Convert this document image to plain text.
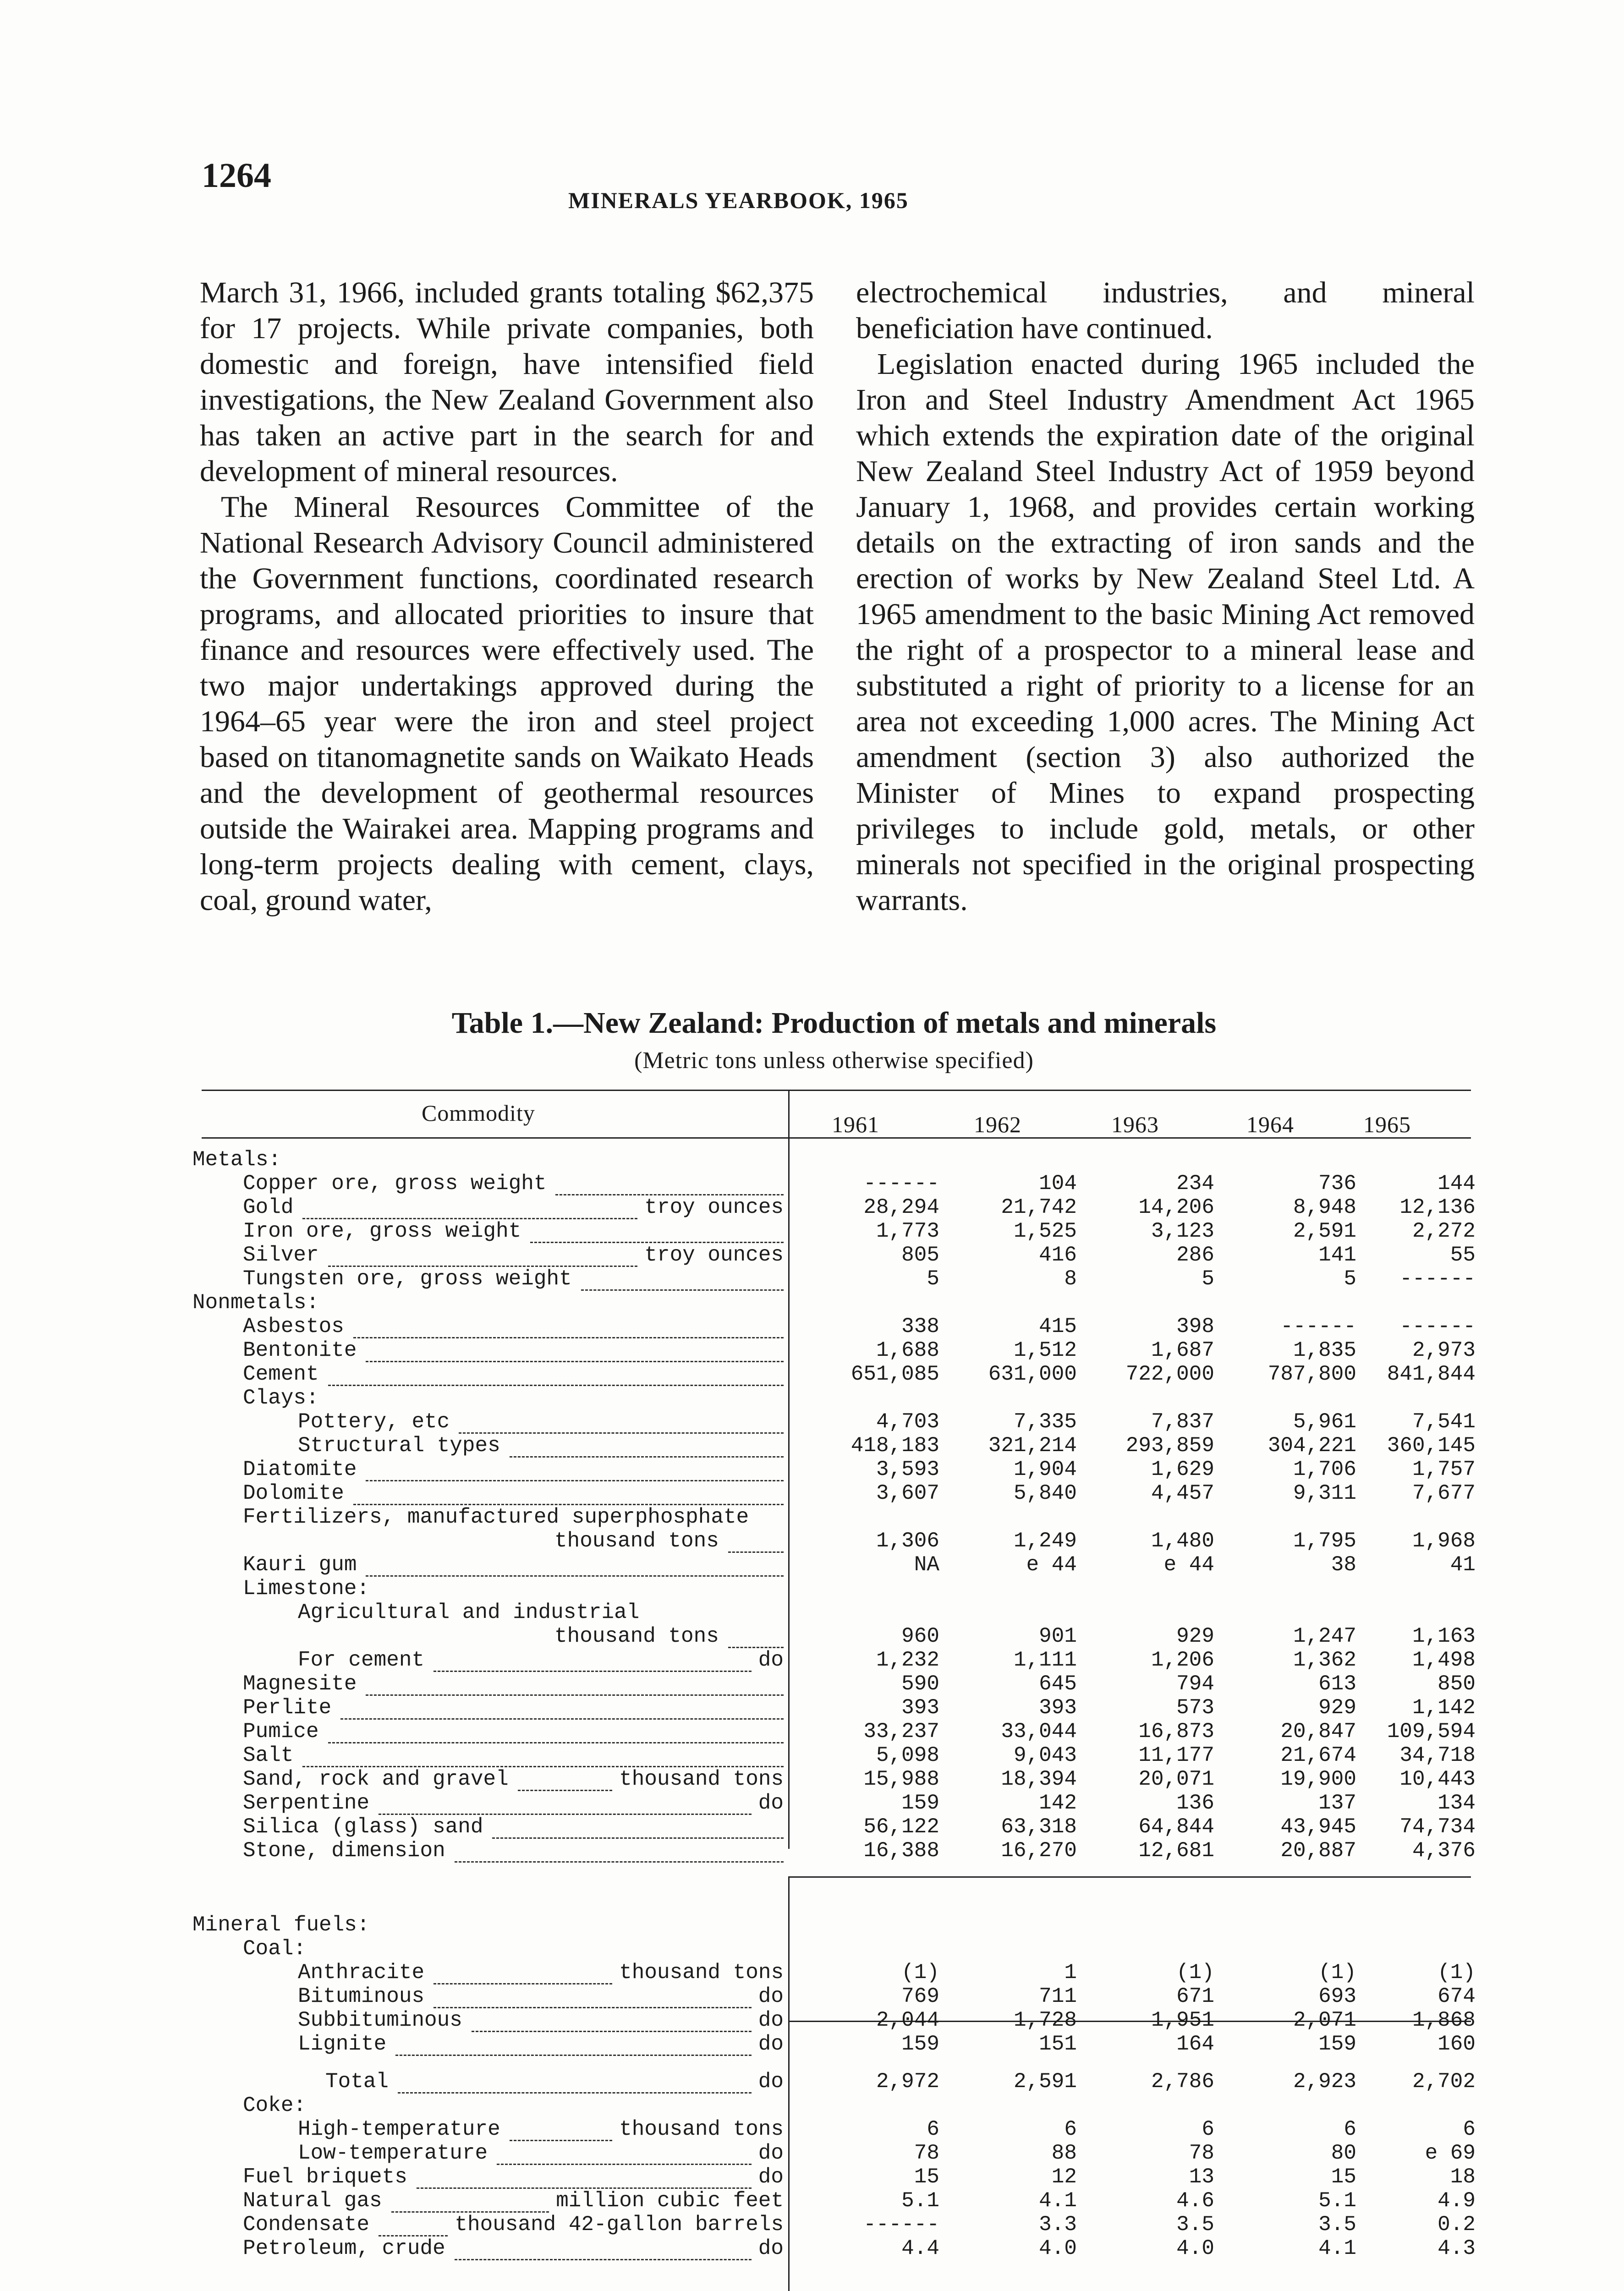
1264
MINERALS YEARBOOK, 1965

March 31, 1966, included grants totaling $62,375 for 17 projects. While private companies, both domestic and foreign, have intensified field investigations, the New Zealand Government also has taken an active part in the search for and development of mineral resources.

The Mineral Resources Committee of the National Research Advisory Council administered the Government functions, coordinated research programs, and allocated priorities to insure that finance and resources were effectively used. The two major undertakings approved during the 1964–65 year were the iron and steel project based on titanomagnetite sands on Waikato Heads and the development of geothermal resources outside the Wairakei area. Mapping programs and long-term projects dealing with cement, clays, coal, ground water,

electrochemical industries, and mineral beneficiation have continued.

Legislation enacted during 1965 included the Iron and Steel Industry Amendment Act 1965 which extends the expiration date of the original New Zealand Steel Industry Act of 1959 beyond January 1, 1968, and provides certain working details on the extracting of iron sands and the erection of works by New Zealand Steel Ltd. A 1965 amendment to the basic Mining Act removed the right of a prospector to a mineral lease and substituted a right of priority to a license for an area not exceeding 1,000 acres. The Mining Act amendment (section 3) also authorized the Minister of Mines to expand prospecting privileges to include gold, metals, or other minerals not specified in the original prospecting warrants.

Table 1.—New Zealand: Production of metals and minerals
(Metric tons unless otherwise specified)
Commodity	1961	1962	1963	1964	1965
Metals:
Copper ore, gross weight	------	104	234	736	144
Gold	troy ounces	28,294	21,742	14,206	8,948	12,136
Iron ore, gross weight	1,773	1,525	3,123	2,591	2,272
Silver	troy ounces	805	416	286	141	55
Tungsten ore, gross weight	5	8	5	5	------
Nonmetals:
Asbestos	338	415	398	------	------
Bentonite	1,688	1,512	1,687	1,835	2,973
Cement	651,085	631,000	722,000	787,800	841,844
Clays:
Pottery, etc	4,703	7,335	7,837	5,961	7,541
Structural types	418,183	321,214	293,859	304,221	360,145
Diatomite	3,593	1,904	1,629	1,706	1,757
Dolomite	3,607	5,840	4,457	9,311	7,677
Fertilizers, manufactured superphosphate
thousand tons	1,306	1,249	1,480	1,795	1,968
Kauri gum	NA	e 44	e 44	38	41
Limestone:
Agricultural and industrial
thousand tons	960	901	929	1,247	1,163
For cement	do	1,232	1,111	1,206	1,362	1,498
Magnesite	590	645	794	613	850
Perlite	393	393	573	929	1,142
Pumice	33,237	33,044	16,873	20,847	109,594
Salt	5,098	9,043	11,177	21,674	34,718
Sand, rock and gravel	thousand tons	15,988	18,394	20,071	19,900	10,443
Serpentine	do	159	142	136	137	134
Silica (glass) sand	56,122	63,318	64,844	43,945	74,734
Stone, dimension	16,388	16,270	12,681	20,887	4,376
Mineral fuels:
Coal:
Anthracite	thousand tons	(1)	1	(1)	(1)	(1)
Bituminous	do	769	711	671	693	674
Subbituminous	do	2,044	1,728	1,951	2,071	1,868
Lignite	do	159	151	164	159	160
Total	do	2,972	2,591	2,786	2,923	2,702
Coke:
High-temperature	thousand tons	6	6	6	6	6
Low-temperature	do	78	88	78	80	e 69
Fuel briquets	do	15	12	13	15	18
Natural gas	million cubic feet	5.1	4.1	4.6	5.1	4.9
Condensate	thousand 42-gallon barrels	------	3.3	3.5	3.5	0.2
Petroleum, crude	do	4.4	4.0	4.0	4.1	4.3
